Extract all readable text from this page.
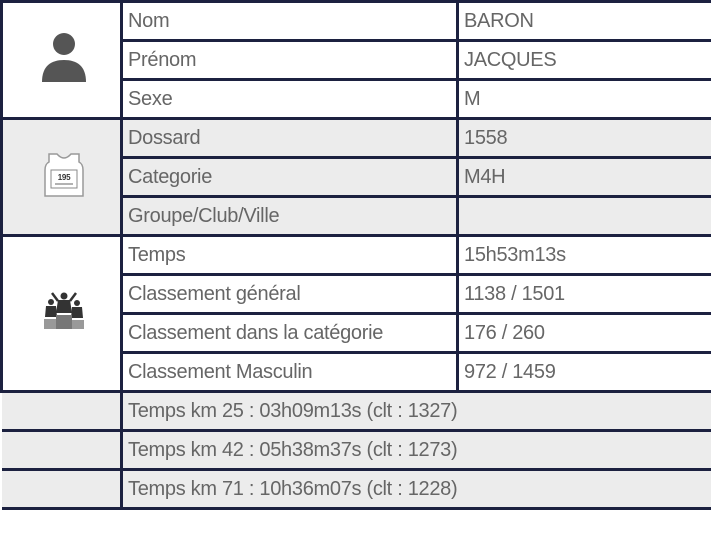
	Nom	BARON
	Prénom	JACQUES
	Sexe	M

195	Dossard	1558
	Categorie	M4H
	Groupe/Club/Ville	
	Temps	15h53m13s
	Classement général	1138 / 1501
	Classement dans la catégorie	176 / 260
	Classement Masculin	972 / 1459
	Temps km 25 : 03h09m13s (clt : 1327)	
	Temps km 42 : 05h38m37s (clt : 1273)	
	Temps km 71 : 10h36m07s (clt : 1228)	
